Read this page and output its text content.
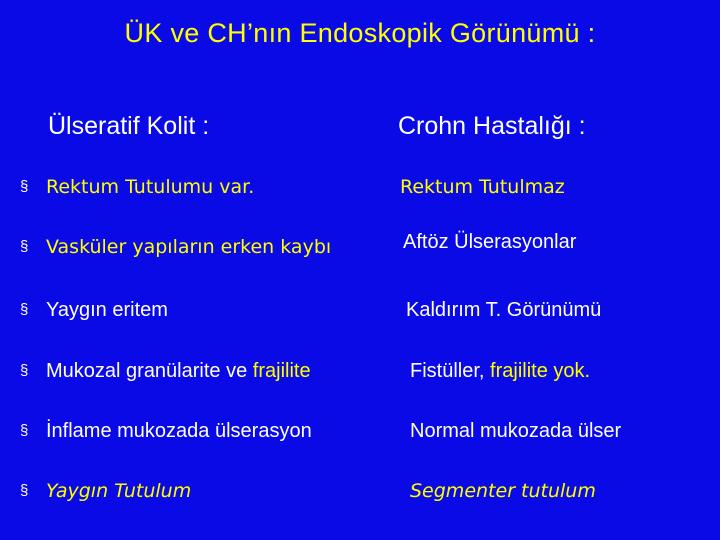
ÜK ve CH’nın Endoskopik Görünümü :
Ülseratif Kolit :	Crohn Hastalığı :
§ Rektum Tutulumu var.	Rektum Tutulmaz
§ Vasküler yapıların erken kaybı	Aftöz Ülserasyonlar
§ Yaygın eritem	Kaldırım T. Görünümü
§ Mukozal granülarite ve frajilite	Fistüller, frajilite yok.
§ İnflame mukozada ülserasyon	Normal mukozada ülser
§ Yaygın Tutulum	Segmenter tutulum
